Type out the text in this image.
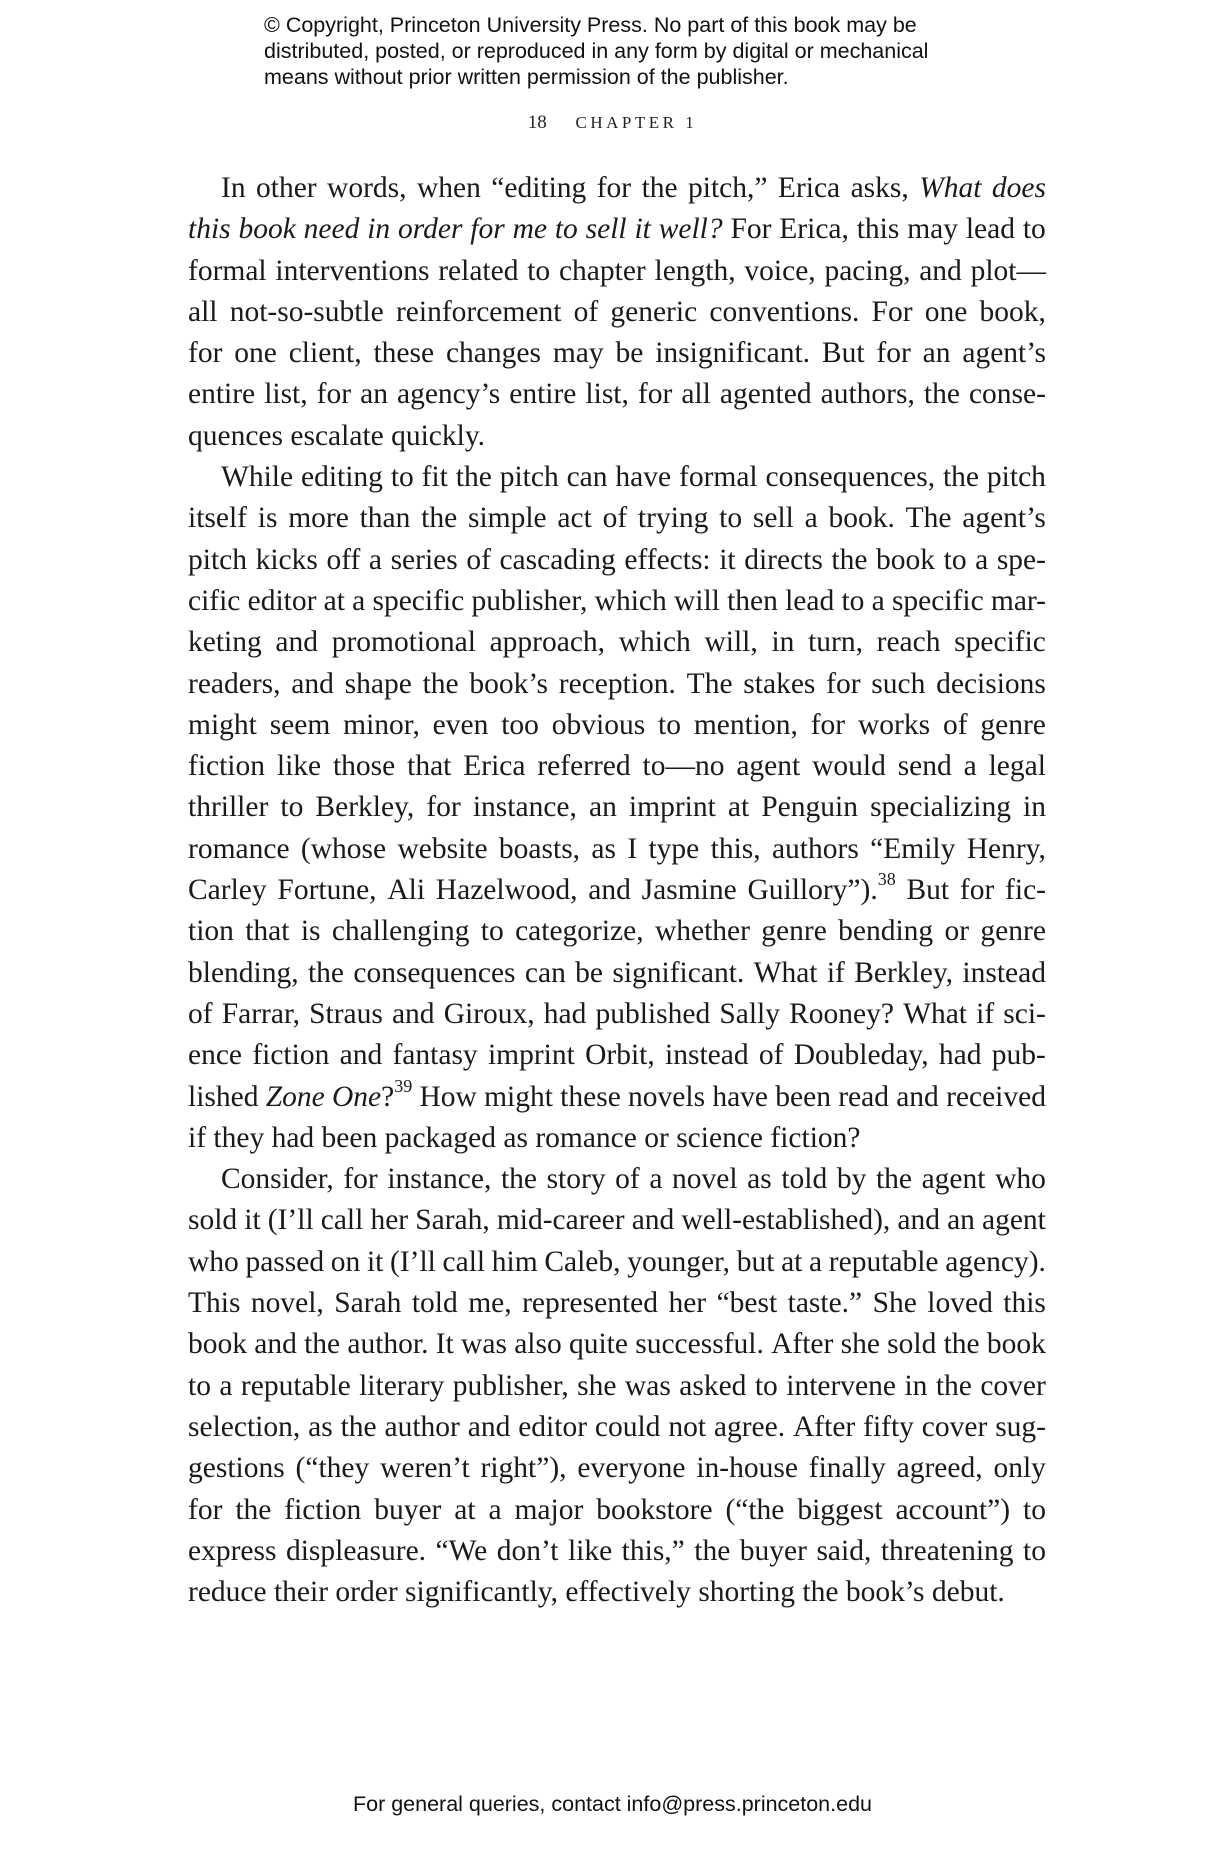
© Copyright, Princeton University Press. No part of this book may be
distributed, posted, or reproduced in any form by digital or mechanical
means without prior written permission of the publisher.
18 CHAPTER 1
In other words, when “editing for the pitch,” Erica asks, What does
this book need in order for me to sell it well? For Erica, this may lead to
formal interventions related to chapter length, voice, pacing, and plot—
all not-so-subtle reinforcement of generic conventions. For one book,
for one client, these changes may be insignificant. But for an agent’s
entire list, for an agency’s entire list, for all agented authors, the conse-
quences
escalate
quickly.
While editing to fit the pitch can have formal consequences, the pitch
itself is more than the simple act of trying to sell a book. The agent’s
pitch kicks off a series of cascading effects: it directs the book to a spe-
cific editor at a specific publisher, which will then lead to a specific mar-
keting and promotional approach, which will, in turn, reach specific
readers, and shape the book’s reception. The stakes for such decisions
might seem minor, even too obvious to mention, for works of genre
fiction like those that Erica referred to—no agent would send a legal
thriller to Berkley, for instance, an imprint at Penguin specializing in
romance (whose website boasts, as I type this, authors “Emily Henry,
Carley Fortune, Ali Hazelwood, and Jasmine Guillory”).$^{38}$ But for fic-
tion that is challenging to categorize, whether genre bending or genre
blending, the consequences can be significant. What if Berkley, instead
of Farrar, Straus and Giroux, had published Sally Rooney? What if sci-
ence fiction and fantasy imprint Orbit, instead of Doubleday, had pub-
lished Zone One?$^{39}$ How might these novels have been read and received
if
they
had
been
packaged
as
romance
or
science
fiction?
Consider, for instance, the story of a novel as told by the agent who
sold it (I’ll call her Sarah, mid-career and well-established), and an agent
who passed on it (I’ll call him Caleb, younger, but at a reputable agency).
This novel, Sarah told me, represented her “best taste.” She loved this
book and the author. It was also quite successful. After she sold the book
to a reputable literary publisher, she was asked to intervene in the cover
selection, as the author and editor could not agree. After fifty cover sug-
gestions (“they weren’t right”), everyone in-house finally agreed, only
for the fiction buyer at a major bookstore (“the biggest account”) to
express displeasure. “We don’t like this,” the buyer said, threatening to
reduce
their
order
significantly,
effectively
shorting
the
book’s
debut.
For general queries, contact info@press.princeton.edu
